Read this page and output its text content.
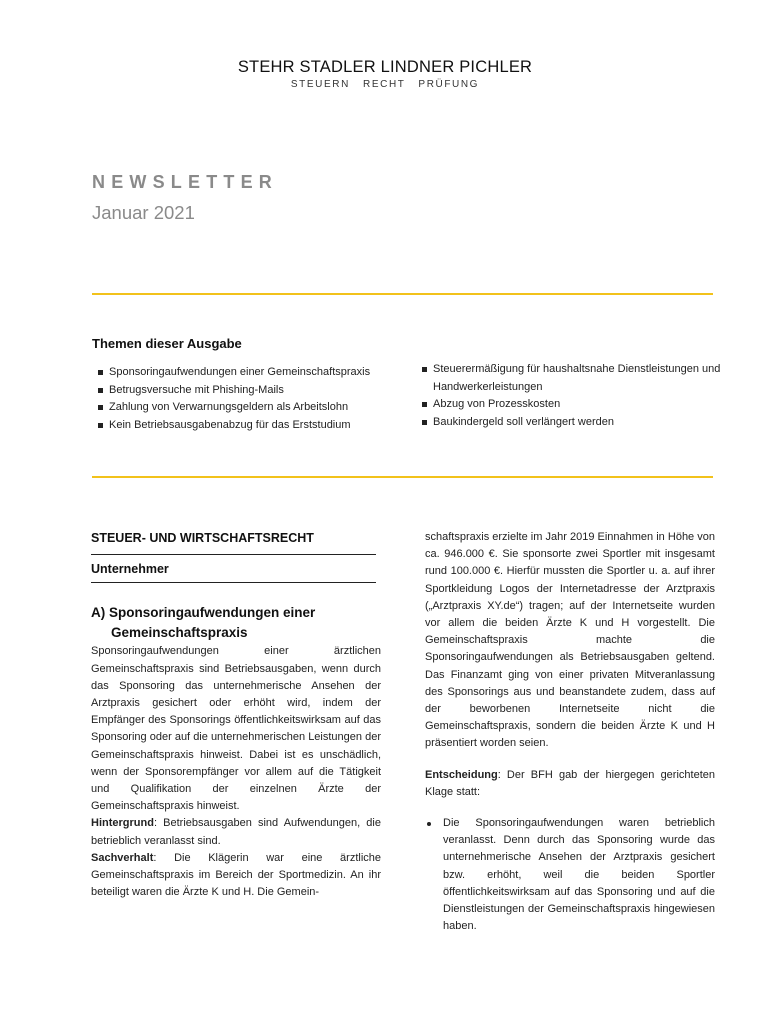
STEHR STADLER LINDNER PICHLER
STEUERN   RECHT   PRÜFUNG
NEWSLETTER
Januar 2021
Themen dieser Ausgabe
Sponsoringaufwendungen einer Gemeinschaftspraxis
Betrugsversuche mit Phishing-Mails
Zahlung von Verwarnungsgeldern als Arbeitslohn
Kein Betriebsausgabenabzug für das Erststudium
Steuerermäßigung für haushaltsnahe Dienstleistungen und Handwerkerleistungen
Abzug von Prozesskosten
Baukindergeld soll verlängert werden
STEUER- UND WIRTSCHAFTSRECHT
Unternehmer
A) Sponsoringaufwendungen einer
Gemeinschaftspraxis

Sponsoringaufwendungen einer ärztlichen Gemeinschaftspraxis sind Betriebsausgaben, wenn durch das Sponsoring das unternehmerische Ansehen der Arztpraxis gesichert oder erhöht wird, indem der Empfänger des Sponsorings öffentlichkeitswirksam auf das Sponsoring oder auf die unternehmerischen Leistungen der Gemeinschaftspraxis hinweist. Dabei ist es unschädlich, wenn der Sponsorempfänger vor allem auf die Tätigkeit und Qualifikation der einzelnen Ärzte der Gemeinschaftspraxis hinweist.

Hintergrund: Betriebsausgaben sind Aufwendungen, die betrieblich veranlasst sind.

Sachverhalt: Die Klägerin war eine ärztliche Gemeinschaftspraxis im Bereich der Sportmedizin. An ihr beteiligt waren die Ärzte K und H. Die Gemein-

schaftspraxis erzielte im Jahr 2019 Einnahmen in Höhe von ca. 946.000 €. Sie sponsorte zwei Sportler mit insgesamt rund 100.000 €. Hierfür mussten die Sportler u. a. auf ihrer Sportkleidung Logos der Internetadresse der Arztpraxis („Arztpraxis XY.de“) tragen; auf der Internetseite wurden vor allem die beiden Ärzte K und H vorgestellt. Die Gemeinschaftspraxis machte die Sponsoringaufwendungen als Betriebsausgaben geltend. Das Finanzamt ging von einer privaten Mitveranlassung des Sponsorings aus und beanstandete zudem, dass auf der beworbenen Internetseite nicht die Gemeinschaftspraxis, sondern die beiden Ärzte K und H präsentiert worden seien.

Entscheidung: Der BFH gab der hiergegen gerichteten Klage statt:

Die Sponsoringaufwendungen waren betrieblich veranlasst. Denn durch das Sponsoring wurde das unternehmerische Ansehen der Arztpraxis gesichert bzw. erhöht, weil die beiden Sportler öffentlichkeitswirksam auf das Sponsoring und auf die Dienstleistungen der Gemeinschaftspraxis hingewiesen haben.
